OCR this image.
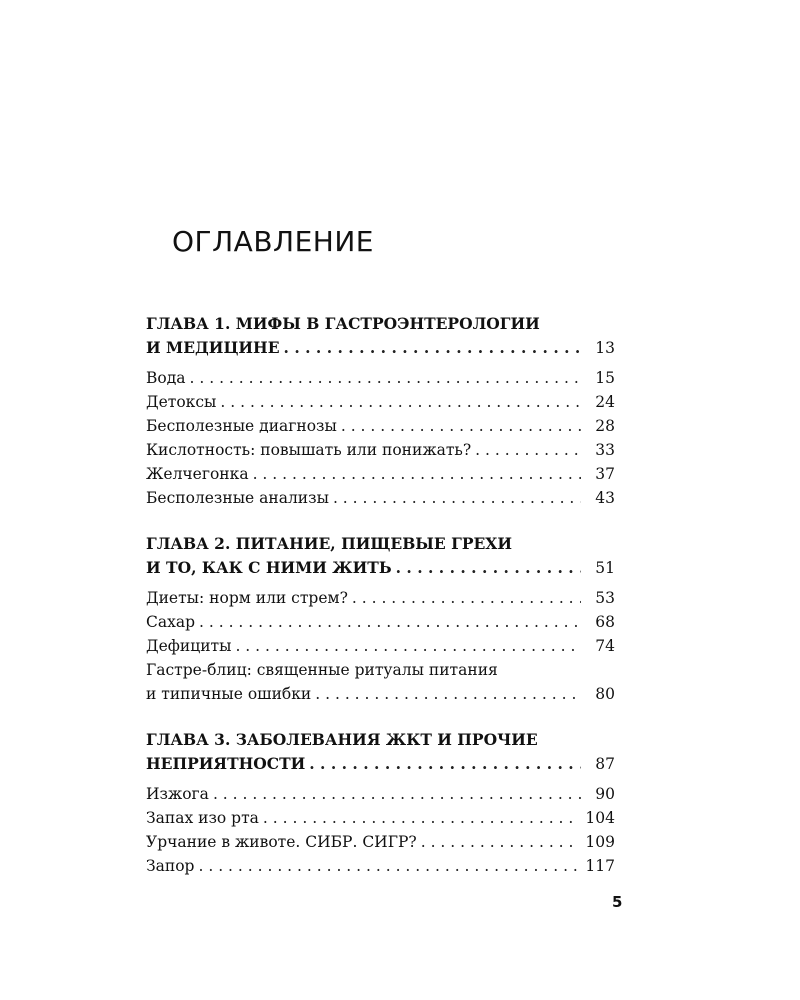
ОГЛАВЛЕНИЕ
ГЛАВА 1. МИФЫ В ГАСТРОЭНТЕРОЛОГИИ
И МЕДИЦИНЕ . . .	13
Вода . . .	15
Детоксы . . .	24
Бесполезные диагнозы . . .	28
Кислотность: повышать или понижать? . . .	33
Желчегонка . . .	37
Бесполезные анализы . . .	43
ГЛАВА 2. ПИТАНИЕ, ПИЩЕВЫЕ ГРЕХИ
И ТО, КАК С НИМИ ЖИТЬ . . .	51
Диеты: норм или стрем? . . .	53
Сахар . . .	68
Дефициты . . .	74
Гастре-блиц: священные ритуалы питания
и типичные ошибки . . .	80
ГЛАВА 3. ЗАБОЛЕВАНИЯ ЖКТ И ПРОЧИЕ
НЕПРИЯТНОСТИ . . .	87
Изжога . . .	90
Запах изо рта . . .	104
Урчание в животе. СИБР. СИГР? . . .	109
Запор . . .	117
5
